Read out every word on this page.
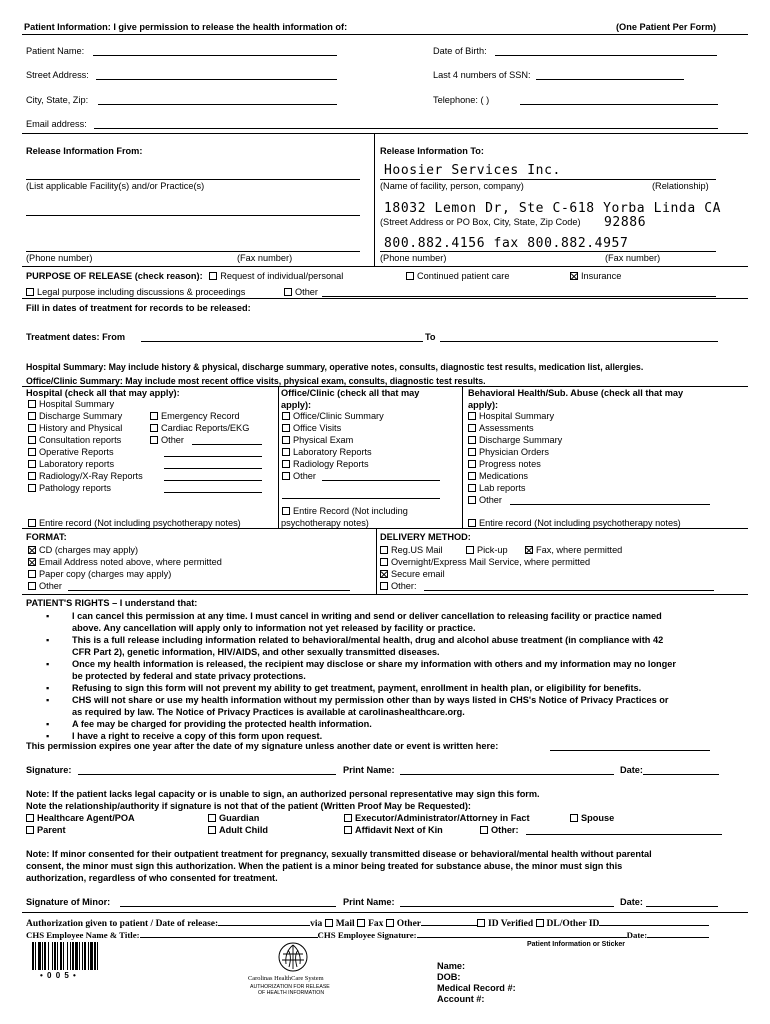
Patient Information: I give permission to release the health information of:	(One Patient Per Form)
Patient Name:	Date of Birth:
Street Address:	Last 4 numbers of SSN:
City, State, Zip:	Telephone: ( )
Email address:
Release Information From:
(List applicable Facility(s) and/or Practice(s)
(Phone number)	(Fax number)
Release Information To:
Hoosier Services Inc.
(Name of facility, person, company)	(Relationship)
18032 Lemon Dr, Ste C-618 Yorba Linda CA
(Street Address or PO Box, City, State, Zip Code) 92886
800.882.4156 fax 800.882.4957
(Phone number)	(Fax number)
PURPOSE OF RELEASE (check reason): Request of individual/personal	Continued patient care	Insurance
Legal purpose including discussions & proceedings	Other
Fill in dates of treatment for records to be released:
Treatment dates: From	To
Hospital Summary: May include history & physical, discharge summary, operative notes, consults, diagnostic test results, medication list, allergies.
Office/Clinic Summary: May include most recent office visits, physical exam, consults, diagnostic test results.
Hospital (check all that may apply):
Hospital Summary
Discharge Summary
History and Physical
Consultation reports
Operative Reports
Laboratory reports
Radiology/X-Ray Reports
Pathology reports
Emergency Record
Cardiac Reports/EKG
Other
Entire record (Not including psychotherapy notes)
Office/Clinic (check all that may
apply):
Office/Clinic Summary
Office Visits
Physical Exam
Laboratory Reports
Radiology Reports
Other
Entire Record (Not including
psychotherapy notes)
Behavioral Health/Sub. Abuse (check all that may
apply):
Hospital Summary
Assessments
Discharge Summary
Physician Orders
Progress notes
Medications
Lab reports
Other
Entire record (Not including psychotherapy notes)
FORMAT:
CD (charges may apply)
Email Address noted above, where permitted
Paper copy (charges may apply)
Other
DELIVERY METHOD:
Reg.US Mail	Pick-up	Fax, where permitted
Overnight/Express Mail Service, where permitted
Secure email
Other:
PATIENT'S RIGHTS – I understand that:
▪ I can cancel this permission at any time. I must cancel in writing and send or deliver cancellation to releasing facility or practice named
above. Any cancellation will apply only to information not yet released by facility or practice.
▪ This is a full release including information related to behavioral/mental health, drug and alcohol abuse treatment (in compliance with 42
CFR Part 2), genetic information, HIV/AIDS, and other sexually transmitted diseases.
▪ Once my health information is released, the recipient may disclose or share my information with others and my information may no longer
be protected by federal and state privacy protections.
▪ Refusing to sign this form will not prevent my ability to get treatment, payment, enrollment in health plan, or eligibility for benefits.
▪ CHS will not share or use my health information without my permission other than by ways listed in CHS's Notice of Privacy Practices or
as required by law. The Notice of Privacy Practices is available at carolinashealthcare.org.
▪ A fee may be charged for providing the protected health information.
▪ I have a right to receive a copy of this form upon request.
This permission expires one year after the date of my signature unless another date or event is written here:
Signature:	Print Name:	Date:
Note: If the patient lacks legal capacity or is unable to sign, an authorized personal representative may sign this form.
Note the relationship/authority if signature is not that of the patient (Written Proof May be Requested):
Healthcare Agent/POA	Guardian	Executor/Administrator/Attorney in Fact	Spouse
Parent	Adult Child	Affidavit Next of Kin	Other:
Note: If minor consented for their outpatient treatment for pregnancy, sexually transmitted disease or behavioral/mental health without parental
consent, the minor must sign this authorization. When the patient is a minor being treated for substance abuse, the minor must sign this
authorization, regardless of who consented for treatment.
Signature of Minor:	Print Name:	Date:
Authorization given to patient / Date of release:	via Mail Fax Other	ID Verified DL/Other ID
CHS Employee Name & Title:	CHS Employee Signature:	Date:
Patient Information or Sticker
• 0 0 5 •	Carolinas HealthCare System
AUTHORIZATION FOR RELEASE
OF HEALTH INFORMATION
Name:
DOB:
Medical Record #:
Account #:
